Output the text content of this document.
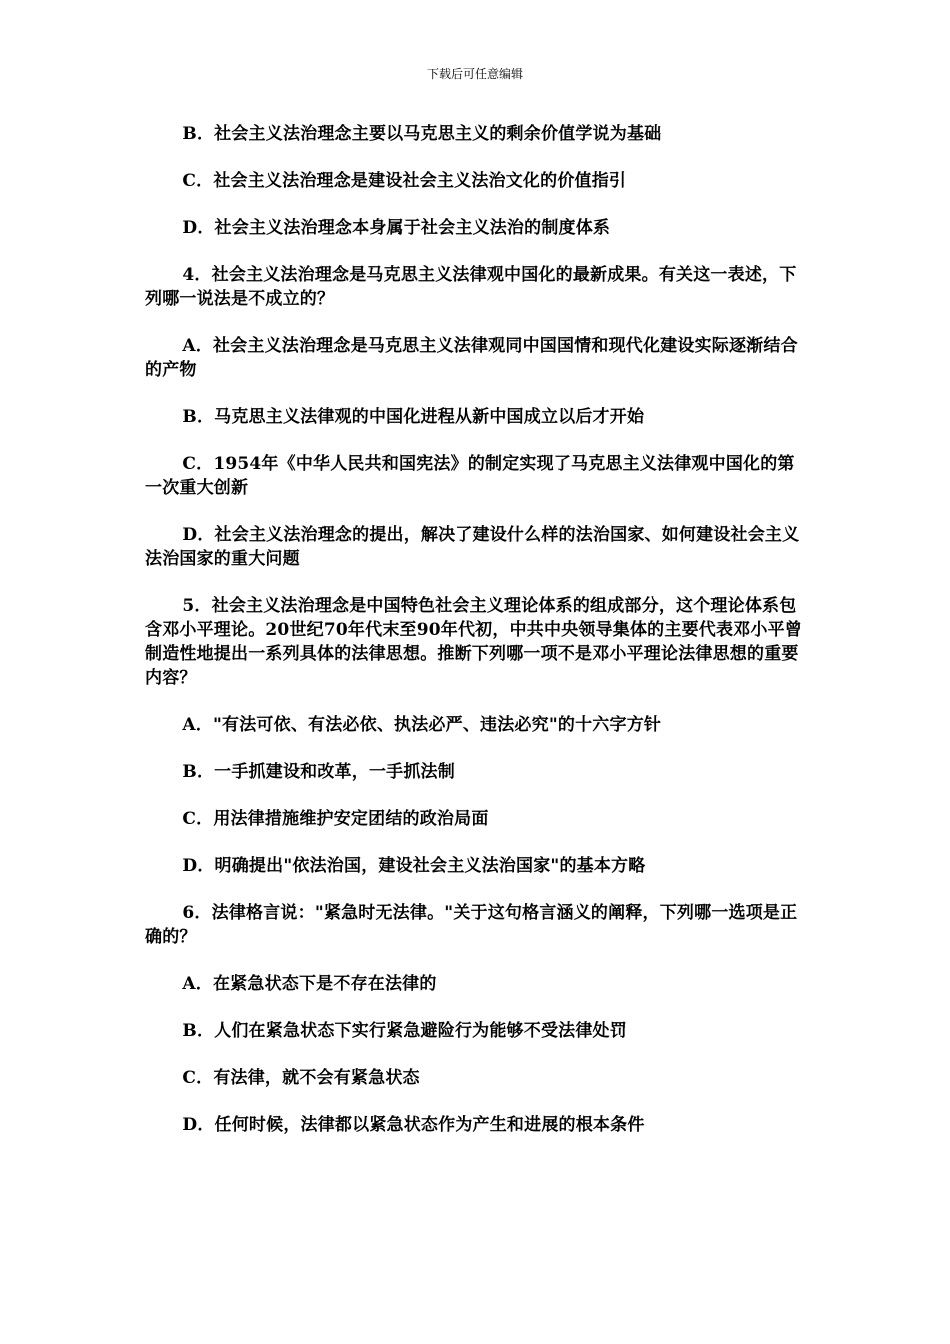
下载后可任意编辑

B．社会主义法治理念主要以马克思主义的剩余价值学说为基础

C．社会主义法治理念是建设社会主义法治文化的价值指引

D．社会主义法治理念本身属于社会主义法治的制度体系

4．社会主义法治理念是马克思主义法律观中国化的最新成果。有关这一表述，下列哪一说法是不成立的？

A．社会主义法治理念是马克思主义法律观同中国国情和现代化建设实际逐渐结合的产物

B．马克思主义法律观的中国化进程从新中国成立以后才开始

C．1954年《中华人民共和国宪法》的制定实现了马克思主义法律观中国化的第一次重大创新

D．社会主义法治理念的提出，解决了建设什么样的法治国家、如何建设社会主义法治国家的重大问题

5．社会主义法治理念是中国特色社会主义理论体系的组成部分，这个理论体系包含邓小平理论。20世纪70年代末至90年代初，中共中央领导集体的主要代表邓小平曾制造性地提出一系列具体的法律思想。推断下列哪一项不是邓小平理论法律思想的重要内容？

A．"有法可依、有法必依、执法必严、违法必究"的十六字方针

B．一手抓建设和改革，一手抓法制

C．用法律措施维护安定团结的政治局面

D．明确提出"依法治国，建设社会主义法治国家"的基本方略

6．法律格言说："紧急时无法律。"关于这句格言涵义的阐释，下列哪一选项是正确的？

A．在紧急状态下是不存在法律的

B．人们在紧急状态下实行紧急避险行为能够不受法律处罚

C．有法律，就不会有紧急状态

D．任何时候，法律都以紧急状态作为产生和进展的根本条件
